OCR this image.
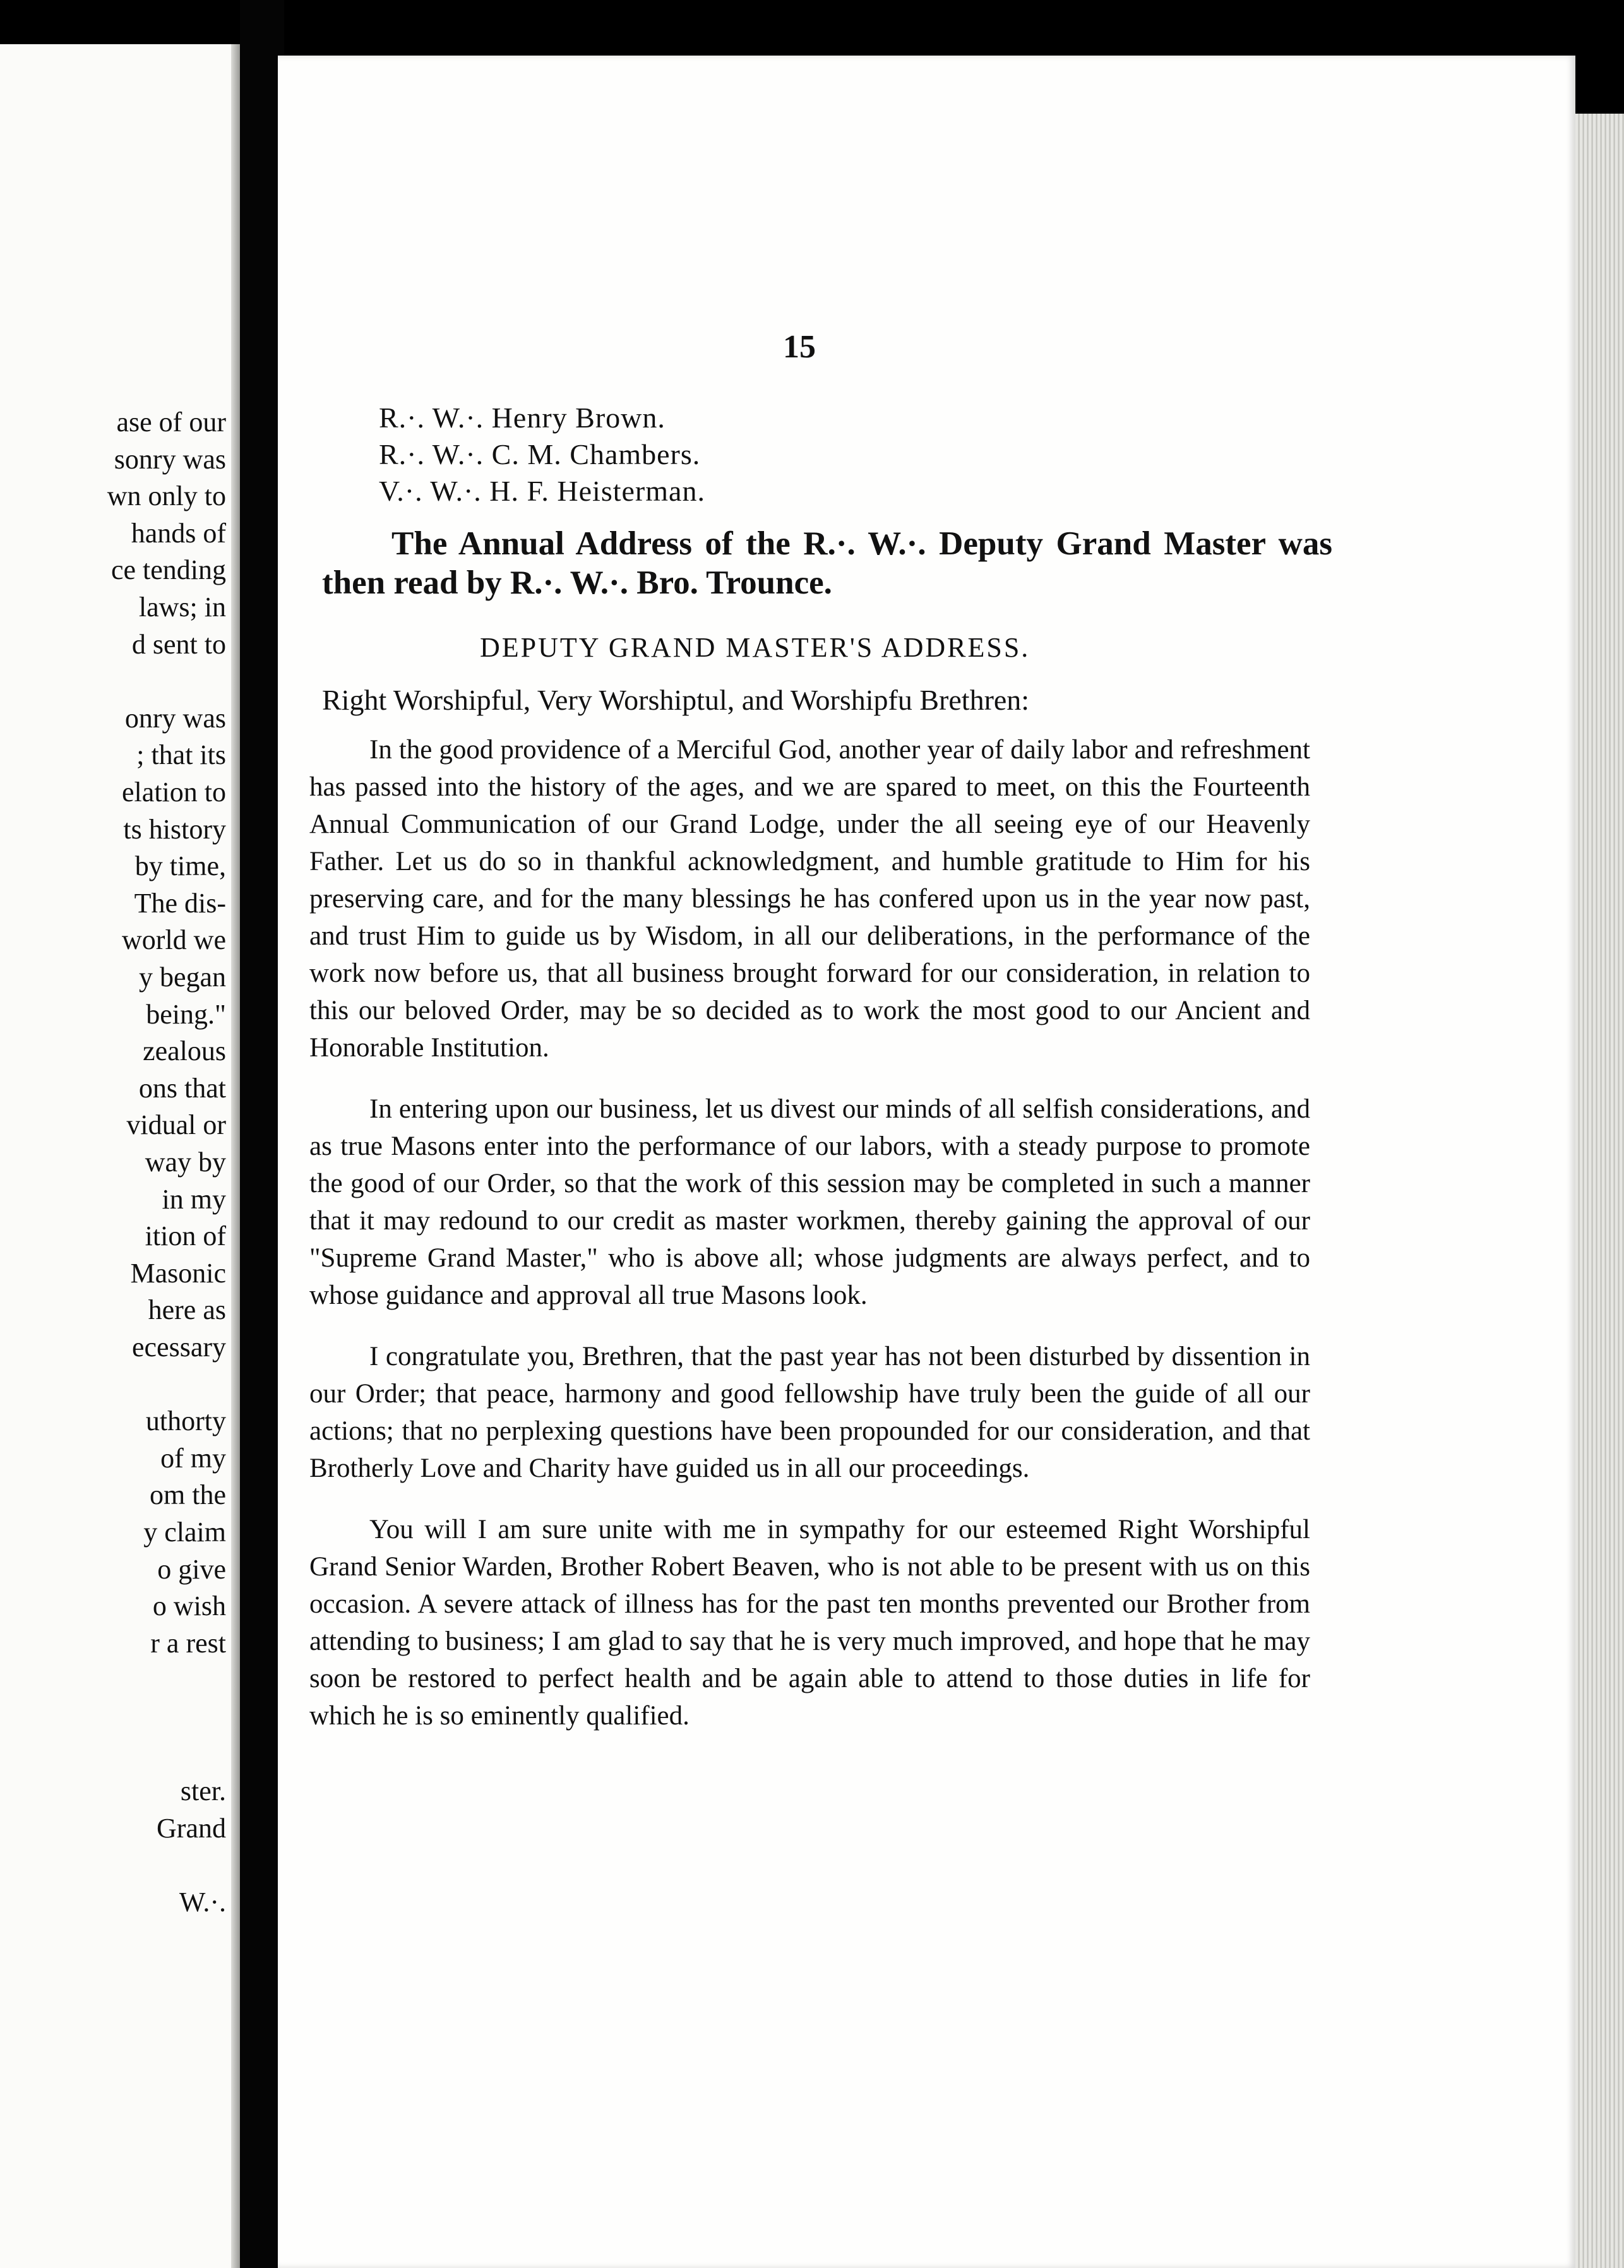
ase of our
sonry was
wn only to
hands of
ce tending
laws; in
d sent to
onry was
; that its
elation to
ts history
by time,
The dis-
world we
y began
being."
zealous
ons that
vidual or
way by
in my
ition of
Masonic
here as
ecessary
uthorty
of my
om the
y claim
o give
o wish
r a rest
ster.
Grand
W.·.
15
R.·. W.·. Henry Brown.
R.·. W.·. C. M. Chambers.
V.·. W.·. H. F. Heisterman.
The Annual Address of the R.·. W.·. Deputy Grand Master was then read by R.·. W.·. Bro. Trounce.
DEPUTY GRAND MASTER'S ADDRESS.
Right Worshipful, Very Worshiptul, and Worshipfu Brethren:

In the good providence of a Merciful God, another year of daily labor and refreshment has passed into the history of the ages, and we are spared to meet, on this the Fourteenth Annual Communication of our Grand Lodge, under the all seeing eye of our Heavenly Father. Let us do so in thankful acknowledgment, and humble gratitude to Him for his preserving care, and for the many blessings he has confered upon us in the year now past, and trust Him to guide us by Wisdom, in all our deliberations, in the performance of the work now before us, that all business brought forward for our consideration, in relation to this our beloved Order, may be so decided as to work the most good to our Ancient and Honorable Institution.

In entering upon our business, let us divest our minds of all selfish considerations, and as true Masons enter into the performance of our labors, with a steady purpose to promote the good of our Order, so that the work of this session may be completed in such a manner that it may redound to our credit as master workmen, thereby gaining the approval of our "Supreme Grand Master," who is above all; whose judgments are always perfect, and to whose guidance and approval all true Masons look.

I congratulate you, Brethren, that the past year has not been disturbed by dissention in our Order; that peace, harmony and good fellowship have truly been the guide of all our actions; that no perplexing questions have been propounded for our consideration, and that Brotherly Love and Charity have guided us in all our proceedings.

You will I am sure unite with me in sympathy for our esteemed Right Worshipful Grand Senior Warden, Brother Robert Beaven, who is not able to be present with us on this occasion. A severe attack of illness has for the past ten months prevented our Brother from attending to business; I am glad to say that he is very much improved, and hope that he may soon be restored to perfect health and be again able to attend to those duties in life for which he is so eminently qualified.
